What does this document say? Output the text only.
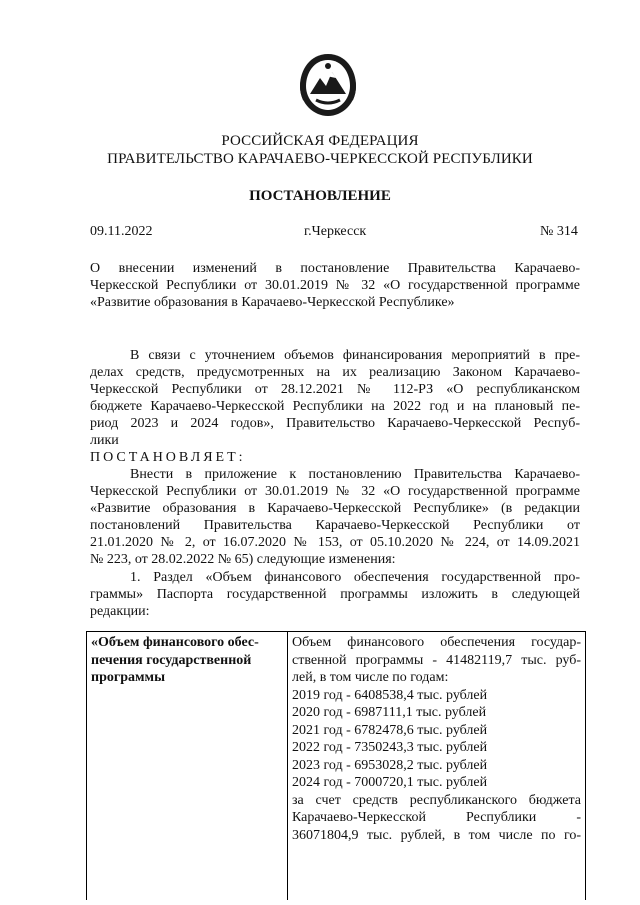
РОССИЙСКАЯ ФЕДЕРАЦИЯ
ПРАВИТЕЛЬСТВО КАРАЧАЕВО-ЧЕРКЕССКОЙ РЕСПУБЛИКИ
ПОСТАНОВЛЕНИЕ
09.11.2022	г.Черкесск	№ 314

О внесении изменений в постановление Правительства Карачаево-
Черкесской Республики от 30.01.2019 № 32 «О государственной программе
«Развитие образования в Карачаево-Черкесской Республике»

В связи с уточнением объемов финансирования мероприятий в пре-
делах средств, предусмотренных на их реализацию Законом Карачаево-
Черкесской Республики от 28.12.2021 № 112-РЗ «О республиканском
бюджете Карачаево-Черкесской Республики на 2022 год и на плановый пе-
риод 2023 и 2024 годов», Правительство Карачаево-Черкесской Респуб-
лики

ПОСТАНОВЛЯЕТ:

Внести в приложение к постановлению Правительства Карачаево-
Черкесской Республики от 30.01.2019 № 32 «О государственной программе
«Развитие образования в Карачаево-Черкесской Республике» (в редакции
постановлений Правительства Карачаево-Черкесской Республики от
21.01.2020 № 2, от 16.07.2020 № 153, от 05.10.2020 № 224, от 14.09.2021
№ 223, от 28.02.2022 № 65) следующие изменения:

1. Раздел «Объем финансового обеспечения государственной про-
граммы» Паспорта государственной программы изложить в следующей
редакции:

«Объем финансового обес-
печения государственной
программы

Объем финансового обеспечения государ-
ственной программы - 41482119,7 тыс. руб-
лей, в том числе по годам:
2019 год - 6408538,4 тыс. рублей
2020 год - 6987111,1 тыс. рублей
2021 год - 6782478,6 тыс. рублей
2022 год - 7350243,3 тыс. рублей
2023 год - 6953028,2 тыс. рублей
2024 год - 7000720,1 тыс. рублей
за счет средств республиканского бюджета
Карачаево-Черкесской Республики -
36071804,9 тыс. рублей, в том числе по го-
